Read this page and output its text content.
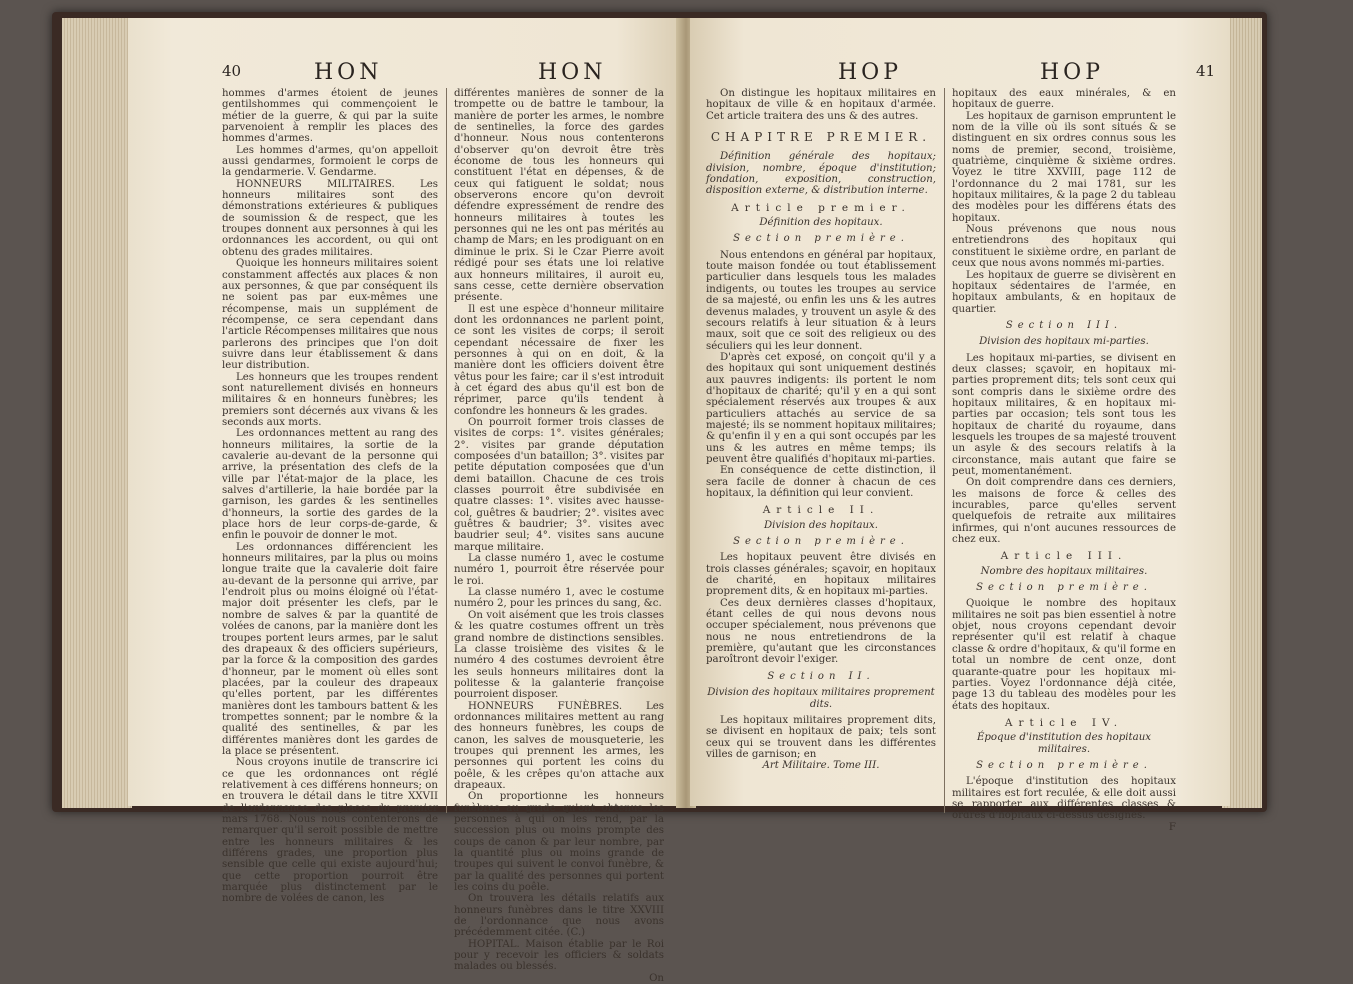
40	HON	HON

hommes d'armes étoient de jeunes gentilshommes qui commençoient le métier de la guerre, & qui par la suite parvenoient à remplir les places des hommes d'armes.

Les hommes d'armes, qu'on appelloit aussi gendarmes, formoient le corps de la gendarmerie. V. Gendarme.

HONNEURS MILITAIRES. Les honneurs militaires sont des démonstrations extérieures & publiques de soumission & de respect, que les troupes donnent aux personnes à qui les ordonnances les accordent, ou qui ont obtenu des grades militaires.

Quoique les honneurs militaires soient constamment affectés aux places & non aux personnes, & que par conséquent ils ne soient pas par eux-mêmes une récompense, mais un supplément de récompense, ce sera cependant dans l'article Récompenses militaires que nous parlerons des principes que l'on doit suivre dans leur établissement & dans leur distribution.

Les honneurs que les troupes rendent sont naturellement divisés en honneurs militaires & en honneurs funèbres; les premiers sont décernés aux vivans & les seconds aux morts.

Les ordonnances mettent au rang des honneurs militaires, la sortie de la cavalerie au-devant de la personne qui arrive, la présentation des clefs de la ville par l'état-major de la place, les salves d'artillerie, la haie bordée par la garnison, les gardes & les sentinelles d'honneurs, la sortie des gardes de la place hors de leur corps-de-garde, & enfin le pouvoir de donner le mot.

Les ordonnances différencient les honneurs militaires, par la plus ou moins longue traite que la cavalerie doit faire au-devant de la personne qui arrive, par l'endroit plus ou moins éloigné où l'état-major doit présenter les clefs, par le nombre de salves & par la quantité de volées de canons, par la manière dont les troupes portent leurs armes, par le salut des drapeaux & des officiers supérieurs, par la force & la composition des gardes d'honneur, par le moment où elles sont placées, par la couleur des drapeaux qu'elles portent, par les différentes manières dont les tambours battent & les trompettes sonnent; par le nombre & la qualité des sentinelles, & par les différentes manières dont les gardes de la place se présentent.

Nous croyons inutile de transcrire ici ce que les ordonnances ont réglé relativement à ces différens honneurs; on en trouvera le détail dans le titre XXVII de l'ordonnance des places du premier mars 1768. Nous nous contenterons de remarquer qu'il seroit possible de mettre entre les honneurs militaires & les différens grades, une proportion plus sensible que celle qui existe aujourd'hui; que cette proportion pourroit être marquée plus distinctement par le nombre de volées de canon, les

différentes manières de sonner de la trompette ou de battre le tambour, la manière de porter les armes, le nombre de sentinelles, la force des gardes d'honneur. Nous nous contenterons d'observer qu'on devroit être très économe de tous les honneurs qui constituent l'état en dépenses, & de ceux qui fatiguent le soldat; nous observerons encore qu'on devroit défendre expressément de rendre des honneurs militaires à toutes les personnes qui ne les ont pas mérités au champ de Mars; en les prodiguant on en diminue le prix. Si le Czar Pierre avoit rédigé pour ses états une loi relative aux honneurs militaires, il auroit eu, sans cesse, cette dernière observation présente.

Il est une espèce d'honneur militaire dont les ordonnances ne parlent point, ce sont les visites de corps; il seroit cependant nécessaire de fixer les personnes à qui on en doit, & la manière dont les officiers doivent être vêtus pour les faire; car il s'est introduit à cet égard des abus qu'il est bon de réprimer, parce qu'ils tendent à confondre les honneurs & les grades.

On pourroit former trois classes de visites de corps: 1°. visites générales; 2°. visites par grande députation composées d'un bataillon; 3°. visites par petite députation composées que d'un demi bataillon. Chacune de ces trois classes pourroit être subdivisée en quatre classes: 1°. visites avec hausse-col, guêtres & baudrier; 2°. visites avec guêtres & baudrier; 3°. visites avec baudrier seul; 4°. visites sans aucune marque militaire.

La classe numéro 1, avec le costume numéro 1, pourroit être réservée pour le roi.

La classe numéro 1, avec le costume numéro 2, pour les princes du sang, &c.

On voit aisément que les trois classes & les quatre costumes offrent un très grand nombre de distinctions sensibles. La classe troisième des visites & le numéro 4 des costumes devroient être les seuls honneurs militaires dont la politesse & la galanterie françoise pourroient disposer.

HONNEURS FUNÈBRES. Les ordonnances militaires mettent au rang des honneurs funèbres, les coups de canon, les salves de mousqueterie, les troupes qui prennent les armes, les personnes qui portent les coins du poêle, & les crêpes qu'on attache aux drapeaux.

On proportionne les honneurs funèbres au grade qu'ont obtenus les personnes à qui on les rend, par la succession plus ou moins prompte des coups de canon & par leur nombre, par la quantité plus ou moins grande de troupes qui suivent le convoi funèbre, & par la qualité des personnes qui portent les coins du poêle.

On trouvera les détails relatifs aux honneurs funèbres dans le titre XXVIII de l'ordonnance que nous avons précédemment citée. (C.)

HOPITAL. Maison établie par le Roi pour y recevoir les officiers & soldats malades ou blessés.

On

HOP	HOP	41

On distingue les hopitaux militaires en hopitaux de ville & en hopitaux d'armée. Cet article traitera des uns & des autres.

CHAPITRE PREMIER.

Définition générale des hopitaux; division, nombre, époque d'institution; fondation, exposition, construction, disposition externe, & distribution interne.

Article premier.

Définition des hopitaux.

Section première.

Nous entendons en général par hopitaux, toute maison fondée ou tout établissement particulier dans lesquels tous les malades indigents, ou toutes les troupes au service de sa majesté, ou enfin les uns & les autres devenus malades, y trouvent un asyle & des secours relatifs à leur situation & à leurs maux, soit que ce soit des religieux ou des séculiers qui les leur donnent.

D'après cet exposé, on conçoit qu'il y a des hopitaux qui sont uniquement destinés aux pauvres indigents: ils portent le nom d'hopitaux de charité; qu'il y en a qui sont spécialement réservés aux troupes & aux particuliers attachés au service de sa majesté; ils se nomment hopitaux militaires; & qu'enfin il y en a qui sont occupés par les uns & les autres en même temps; ils peuvent être qualifiés d'hopitaux mi-parties.

En conséquence de cette distinction, il sera facile de donner à chacun de ces hopitaux, la définition qui leur convient.

Article II.

Division des hopitaux.

Section première.

Les hopitaux peuvent être divisés en trois classes générales; sçavoir, en hopitaux de charité, en hopitaux militaires proprement dits, & en hopitaux mi-parties.

Ces deux dernières classes d'hopitaux, étant celles de qui nous devons nous occuper spécialement, nous prévenons que nous ne nous entretiendrons de la première, qu'autant que les circonstances paroîtront devoir l'exiger.

Section II.

Division des hopitaux militaires proprement dits.

Les hopitaux militaires proprement dits, se divisent en hopitaux de paix; tels sont ceux qui se trouvent dans les différentes villes de garnison; en

Art Militaire. Tome III.

hopitaux des eaux minérales, & en hopitaux de guerre.

Les hopitaux de garnison empruntent le nom de la ville où ils sont situés & se distinguent en six ordres connus sous les noms de premier, second, troisième, quatrième, cinquième & sixième ordres. Voyez le titre XXVIII, page 112 de l'ordonnance du 2 mai 1781, sur les hopitaux militaires, & la page 2 du tableau des modèles pour les différens états des hopitaux.

Nous prévenons que nous nous entretiendrons des hopitaux qui constituent le sixième ordre, en parlant de ceux que nous avons nommés mi-parties.

Les hopitaux de guerre se divisèrent en hopitaux sédentaires de l'armée, en hopitaux ambulants, & en hopitaux de quartier.

Section III.

Division des hopitaux mi-parties.

Les hopitaux mi-parties, se divisent en deux classes; sçavoir, en hopitaux mi-parties proprement dits; tels sont ceux qui sont compris dans le sixième ordre des hopitaux militaires, & en hopitaux mi-parties par occasion; tels sont tous les hopitaux de charité du royaume, dans lesquels les troupes de sa majesté trouvent un asyle & des secours relatifs à la circonstance, mais autant que faire se peut, momentanément.

On doit comprendre dans ces derniers, les maisons de force & celles des incurables, parce qu'elles servent quelquefois de retraite aux militaires infirmes, qui n'ont aucunes ressources de chez eux.

Article III.

Nombre des hopitaux militaires.

Section première.

Quoique le nombre des hopitaux militaires ne soit pas bien essentiel à notre objet, nous croyons cependant devoir représenter qu'il est relatif à chaque classe & ordre d'hopitaux, & qu'il forme en total un nombre de cent onze, dont quarante-quatre pour les hopitaux mi-parties. Voyez l'ordonnance déjà citée, page 13 du tableau des modèles pour les états des hopitaux.

Article IV.

Époque d'institution des hopitaux militaires.

Section première.

L'époque d'institution des hopitaux militaires est fort reculée, & elle doit aussi se rapporter aux différentes classes & ordres d'hopitaux ci-dessus désignés.

F
